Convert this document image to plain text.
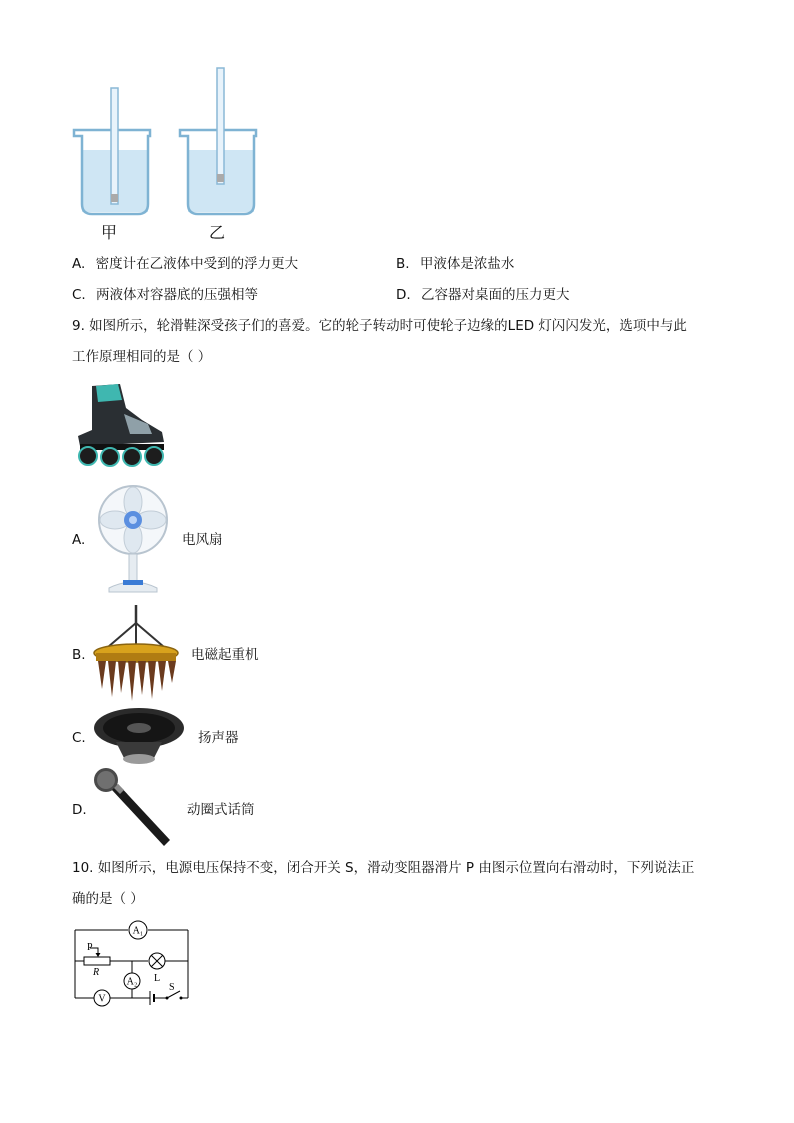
甲	乙
A. 密度计在乙液体中受到的浮力更大	B. 甲液体是浓盐水
C. 两液体对容器底的压强相等	D. 乙容器对桌面的压力更大
9. 如图所示，轮滑鞋深受孩子们的喜爱。它的轮子转动时可使轮子边缘的LED 灯闪闪发光，选项中与此
工作原理相同的是（ ）
A.	电风扇
B.	电磁起重机
C.	扬声器
D.	动圈式话筒
10. 如图所示，电源电压保持不变，闭合开关 S，滑动变阻器滑片 P 由图示位置向右滑动时，下列说法正
确的是（ ）
A₁
P
R
L
A₂
V
S
